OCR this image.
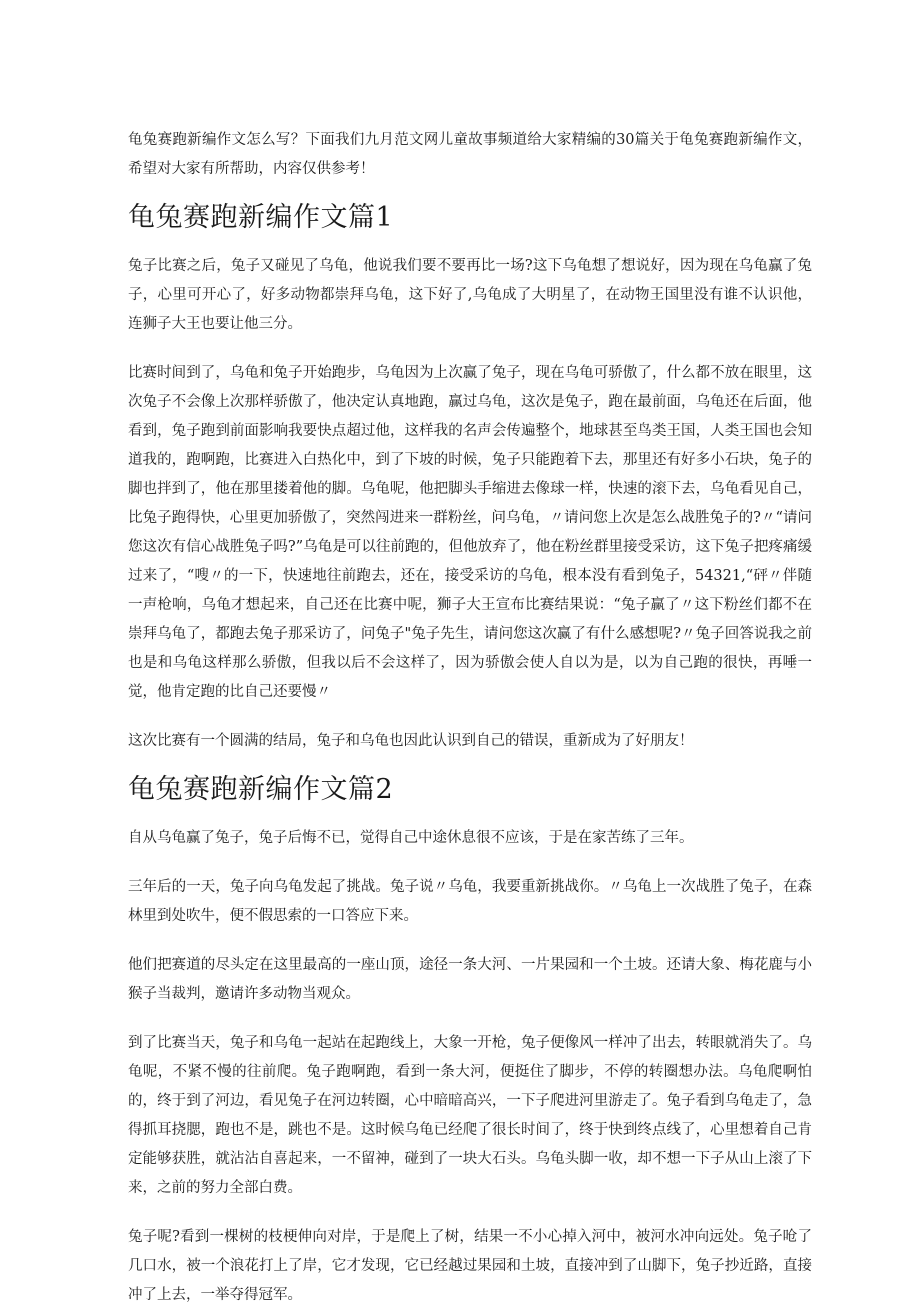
龟兔赛跑新编作文怎么写？下面我们九月范文网儿童故事频道给大家精编的30篇关于龟兔赛跑新编作文，希望对大家有所帮助，内容仅供参考！

龟兔赛跑新编作文篇1

兔子比赛之后，兔子又碰见了乌龟，他说我们要不要再比一场?这下乌龟想了想说好，因为现在乌龟赢了兔子，心里可开心了，好多动物都崇拜乌龟，这下好了,乌龟成了大明星了，在动物王国里没有谁不认识他，连狮子大王也要让他三分。

比赛时间到了，乌龟和兔子开始跑步，乌龟因为上次赢了兔子，现在乌龟可骄傲了，什么都不放在眼里，这次兔子不会像上次那样骄傲了，他决定认真地跑，赢过乌龟，这次是兔子，跑在最前面，乌龟还在后面，他看到，兔子跑到前面影响我要快点超过他，这样我的名声会传遍整个，地球甚至鸟类王国，人类王国也会知道我的，跑啊跑，比赛进入白热化中，到了下坡的时候，兔子只能跑着下去，那里还有好多小石块，兔子的脚也拌到了，他在那里搂着他的脚。乌龟呢，他把脚头手缩进去像球一样，快速的滚下去，乌龟看见自己，比兔子跑得快，心里更加骄傲了，突然闯进来一群粉丝，问乌龟，〃请问您上次是怎么战胜兔子的?〃“请问您这次有信心战胜兔子吗?”乌龟是可以往前跑的，但他放弃了，他在粉丝群里接受采访，这下兔子把疼痛缓过来了，“嗖〃的一下，快速地往前跑去，还在，接受采访的乌龟，根本没有看到兔子，54321,“砰〃伴随一声枪响，乌龟才想起来，自己还在比赛中呢，狮子大王宣布比赛结果说：“兔子赢了〃这下粉丝们都不在崇拜乌龟了，都跑去兔子那采访了，问兔子"兔子先生，请问您这次赢了有什么感想呢?〃兔子回答说我之前也是和乌龟这样那么骄傲，但我以后不会这样了，因为骄傲会使人自以为是，以为自己跑的很快，再唾一觉，他肯定跑的比自己还要慢〃

这次比赛有一个圆满的结局，兔子和乌龟也因此认识到自己的错误，重新成为了好朋友！

龟兔赛跑新编作文篇2

自从乌龟赢了兔子，兔子后悔不已，觉得自己中途休息很不应该，于是在家苦练了三年。

三年后的一天，兔子向乌龟发起了挑战。兔子说〃乌龟，我要重新挑战你。〃乌龟上一次战胜了兔子，在森林里到处吹牛，便不假思索的一口答应下来。

他们把赛道的尽头定在这里最高的一座山顶，途径一条大河、一片果园和一个土坡。还请大象、梅花鹿与小猴子当裁判，邀请许多动物当观众。

到了比赛当天，兔子和乌龟一起站在起跑线上，大象一开枪，兔子便像风一样冲了出去，转眼就消失了。乌龟呢，不紧不慢的往前爬。兔子跑啊跑，看到一条大河，便挺住了脚步，不停的转圈想办法。乌龟爬啊怕的，终于到了河边，看见兔子在河边转圈，心中暗暗高兴，一下子爬进河里游走了。兔子看到乌龟走了，急得抓耳挠腮，跑也不是，跳也不是。这时候乌龟已经爬了很长时间了，终于快到终点线了，心里想着自己肯定能够获胜，就沾沾自喜起来，一不留神，碰到了一块大石头。乌龟头脚一收，却不想一下子从山上滚了下来，之前的努力全部白费。

兔子呢?看到一棵树的枝梗伸向对岸，于是爬上了树，结果一不小心掉入河中，被河水冲向远处。兔子呛了几口水，被一个浪花打上了岸，它才发现，它已经越过果园和土坡，直接冲到了山脚下，兔子抄近路，直接冲了上去，一举夺得冠军。
